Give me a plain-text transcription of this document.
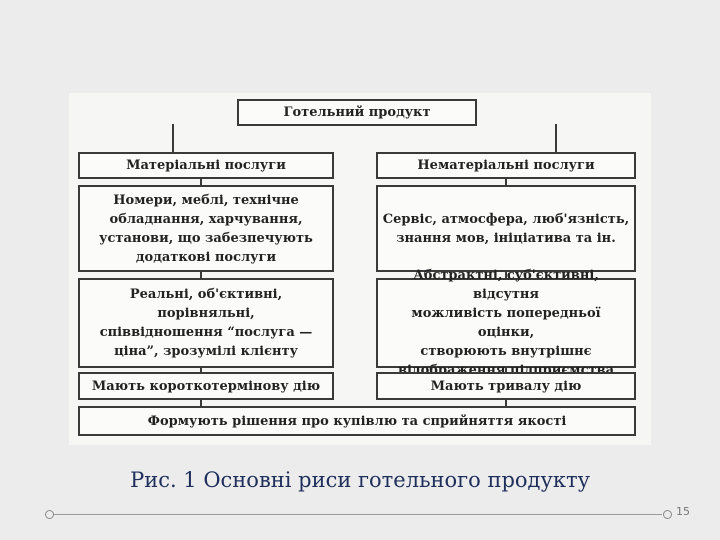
Готельний продукт
Матеріальні послуги	Нематеріальні послуги
Номери, меблі, технічне
обладнання, харчування,
установи, що забезпечують
додаткові послуги
Сервіс, атмосфера, люб'язність,
знання мов, ініціатива та ін.
Реальні, об'єктивні, порівняльні,
співвідношення “послуга —
ціна”, зрозумілі клієнту
відсутня
можливість попередньої оцінки,
створюють внутрішнє

Мають короткотермінову дію	Мають тривалу дію
Формують рішення про купівлю та сприйняття якості
Рис. 1 Основні риси готельного продукту
15
